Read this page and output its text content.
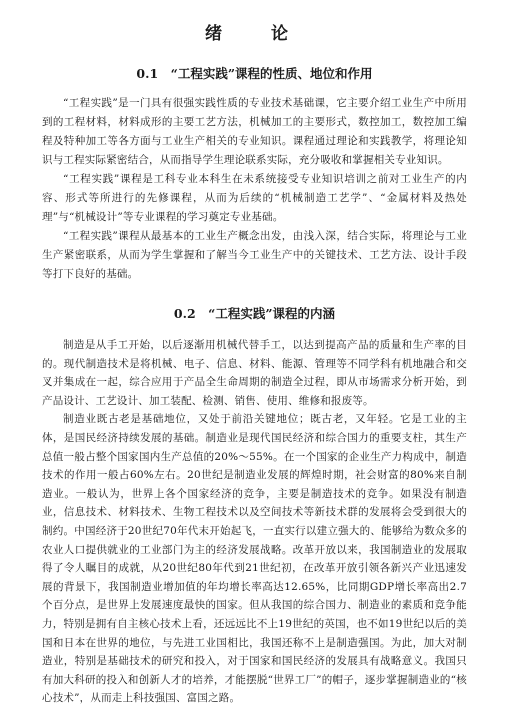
绪　论
0.1　“工程实践”课程的性质、地位和作用

“工程实践”是一门具有很强实践性质的专业技术基础课，它主要介绍工业生产中所用到的工程材料，材料成形的主要工艺方法，机械加工的主要形式，数控加工，数控加工编程及特种加工等各方面与工业生产相关的专业知识。课程通过理论和实践教学，将理论知识与工程实际紧密结合，从而指导学生理论联系实际，充分吸收和掌握相关专业知识。

“工程实践”课程是工科专业本科生在未系统接受专业知识培训之前对工业生产的内容、形式等所进行的先修课程，从而为后续的“机械制造工艺学”、“金属材料及热处理”与“机械设计”等专业课程的学习奠定专业基础。

“工程实践”课程从最基本的工业生产概念出发，由浅入深，结合实际，将理论与工业生产紧密联系，从而为学生掌握和了解当今工业生产中的关键技术、工艺方法、设计手段等打下良好的基础。

0.2　“工程实践”课程的内涵

制造是从手工开始，以后逐渐用机械代替手工，以达到提高产品的质量和生产率的目的。现代制造技术是将机械、电子、信息、材料、能源、管理等不同学科有机地融合和交叉并集成在一起，综合应用于产品全生命周期的制造全过程，即从市场需求分析开始，到产品设计、工艺设计、加工装配、检测、销售、使用、维修和报废等。

制造业既古老是基础地位，又处于前沿关键地位；既古老，又年轻。它是工业的主体，是国民经济持续发展的基础。制造业是现代国民经济和综合国力的重要支柱，其生产总值一般占整个国家国内生产总值的20%～55%。在一个国家的企业生产力构成中，制造技术的作用一般占60%左右。20世纪是制造业发展的辉煌时期，社会财富的80%来自制造业。一般认为，世界上各个国家经济的竞争，主要是制造技术的竞争。如果没有制造业，信息技术、材料技术、生物工程技术以及空间技术等新技术群的发展将会受到很大的制约。中国经济于20世纪70年代末开始起飞，一直实行以建立强大的、能够给为数众多的农业人口提供就业的工业部门为主的经济发展战略。改革开放以来，我国制造业的发展取得了令人瞩目的成就，从20世纪80年代到21世纪初，在改革开放引领各新兴产业迅速发展的背景下，我国制造业增加值的年均增长率高达12.65%，比同期GDP增长率高出2.7个百分点，是世界上发展速度最快的国家。但从我国的综合国力、制造业的素质和竞争能力，特别是拥有自主核心技术上看，还远远比不上19世纪的英国，也不如19世纪以后的美国和日本在世界的地位，与先进工业国相比，我国还称不上是制造强国。为此，加大对制造业，特别是基础技术的研究和投入，对于国家和国民经济的发展具有战略意义。我国只有加大科研的投入和创新人才的培养，才能摆脱“世界工厂”的帽子，逐步掌握制造业的“核心技术”，从而走上科技强国、富国之路。
